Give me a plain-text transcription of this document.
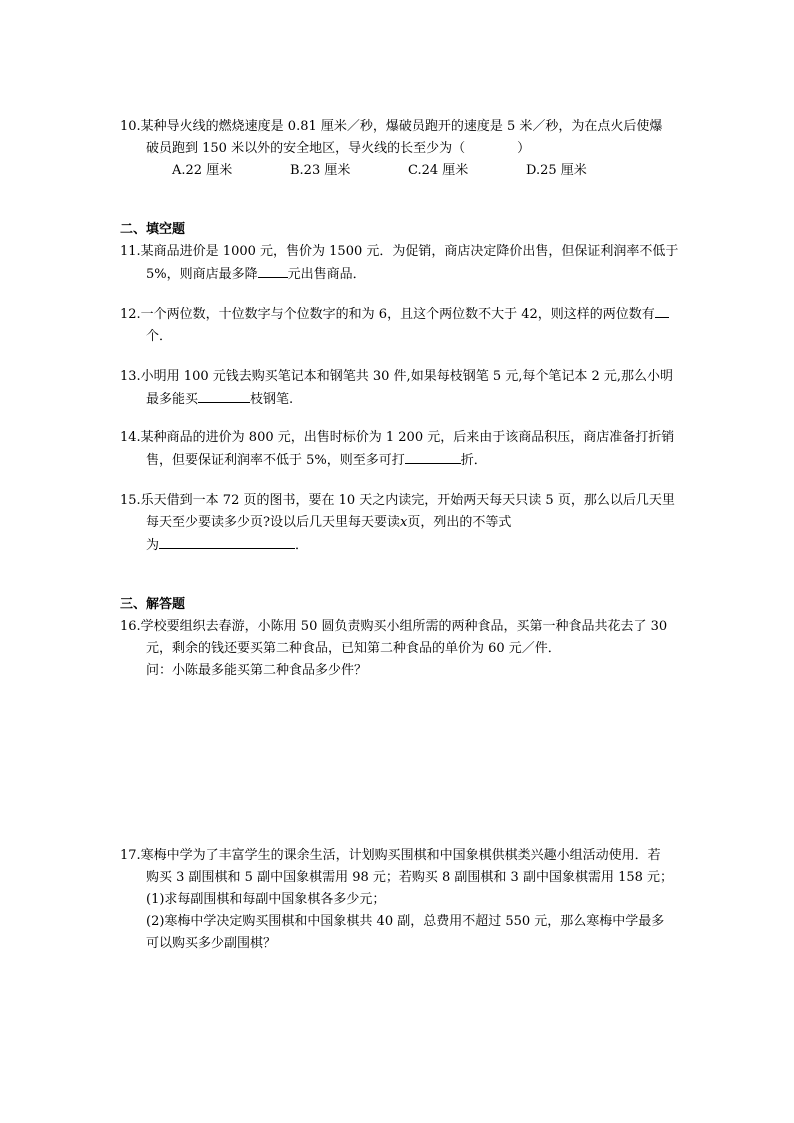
10.某种导火线的燃烧速度是 0.81 厘米／秒，爆破员跑开的速度是 5 米／秒，为在点火后使爆
破员跑到 150 米以外的安全地区，导火线的长至少为（　　　　）
A.22 厘米	B.23 厘米	C.24 厘米	D.25 厘米
二、填空题
11.某商品进价是 1000 元，售价为 1500 元．为促销，商店决定降价出售，但保证利润率不低于
5%，则商店最多降 元出售商品．
12.一个两位数，十位数字与个位数字的和为 6，且这个两位数不大于 42，则这样的两位数有
个．
13.小明用 100 元钱去购买笔记本和钢笔共 30 件,如果每枝钢笔 5 元,每个笔记本 2 元,那么小明
最多能买	枝钢笔.
14.某种商品的进价为 800 元，出售时标价为 1 200 元，后来由于该商品积压，商店准备打折销
售，但要保证利润率不低于 5%，则至多可打	折．
15.乐天借到一本 72 页的图书，要在 10 天之内读完，开始两天每天只读 5 页，那么以后几天里
每天至少要读多少页?设以后几天里每天要读x页，列出的不等式
为	．
三、解答题
16.学校要组织去春游，小陈用 50 圆负责购买小组所需的两种食品，买第一种食品共花去了 30
元，剩余的钱还要买第二种食品，已知第二种食品的单价为 60 元／件．
问：小陈最多能买第二种食品多少件？
17.寒梅中学为了丰富学生的课余生活，计划购买围棋和中国象棋供棋类兴趣小组活动使用．若
购买 3 副围棋和 5 副中国象棋需用 98 元；若购买 8 副围棋和 3 副中国象棋需用 158 元；
(1)求每副围棋和每副中国象棋各多少元；
(2)寒梅中学决定购买围棋和中国象棋共 40 副，总费用不超过 550 元，那么寒梅中学最多
可以购买多少副围棋？
